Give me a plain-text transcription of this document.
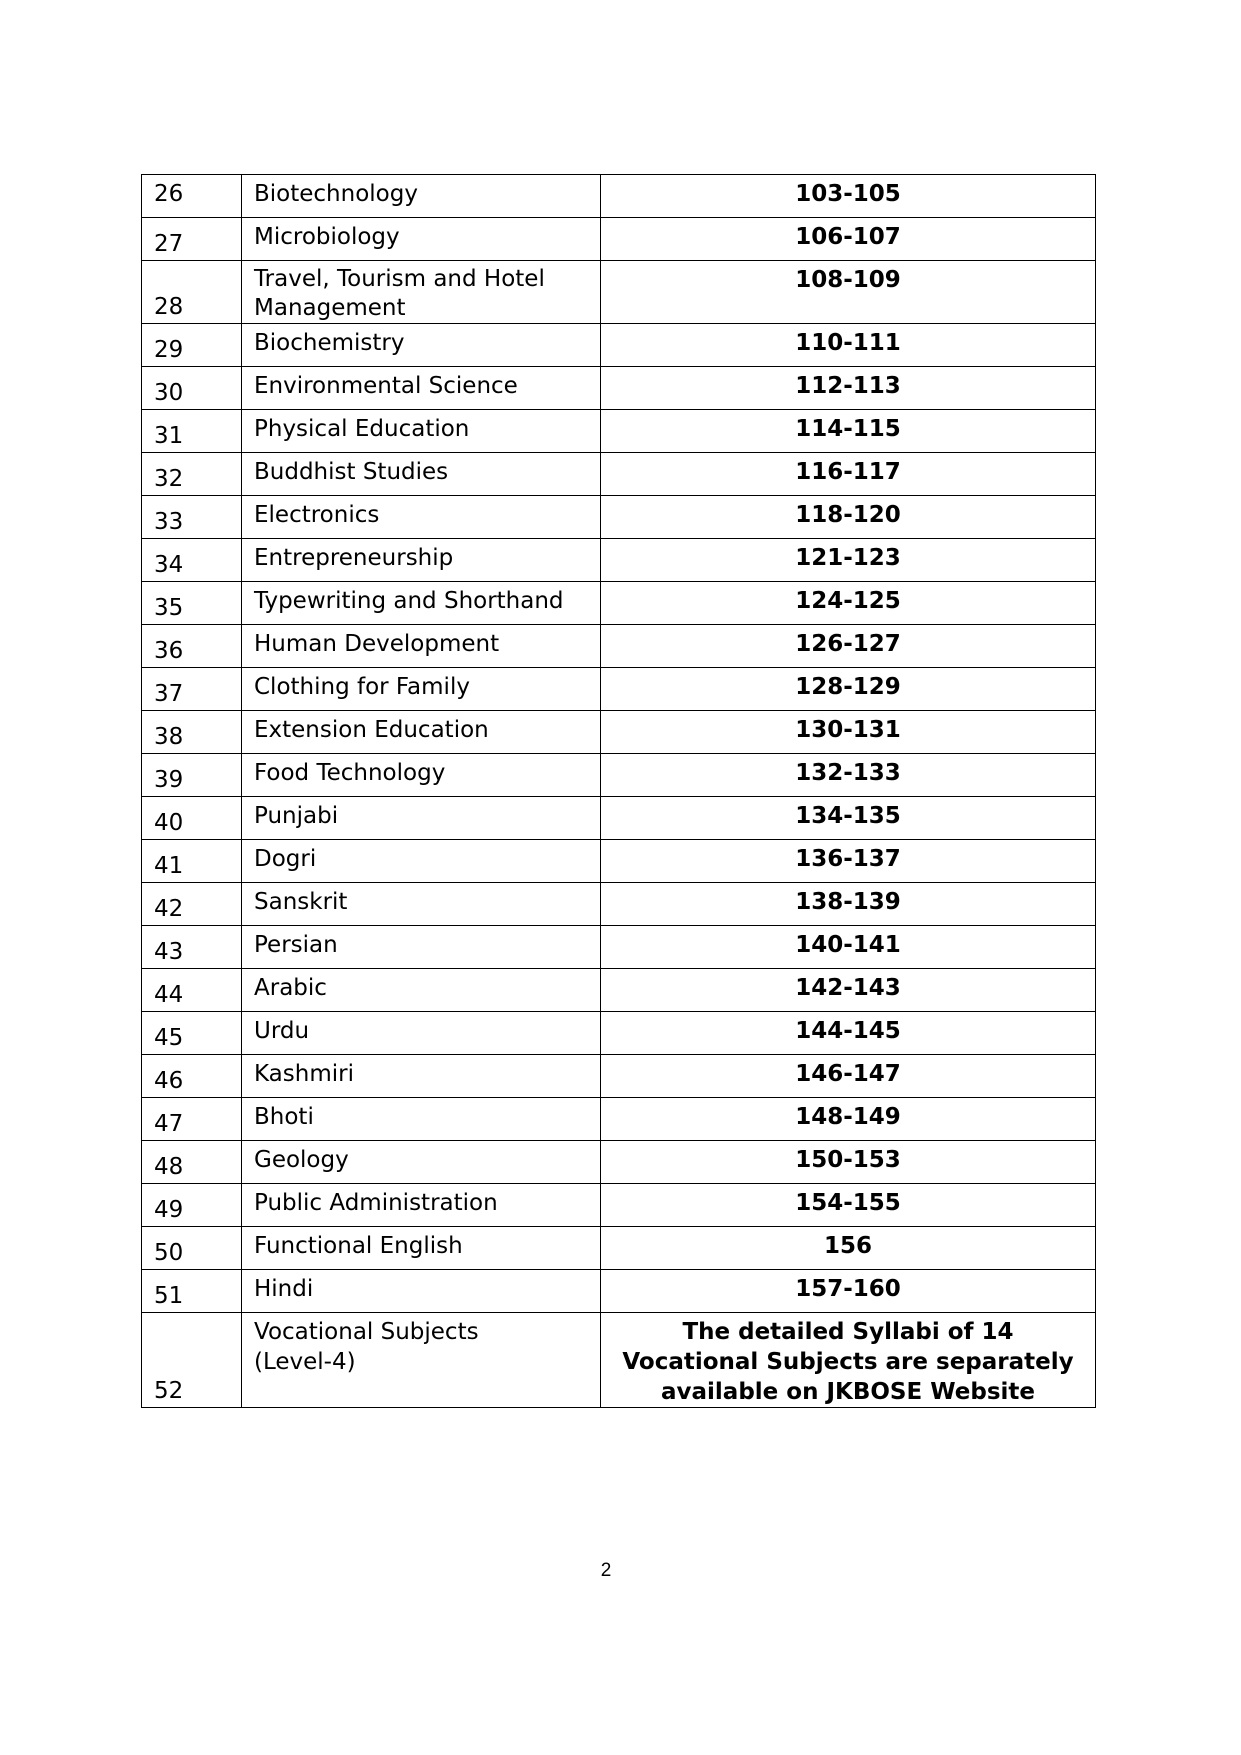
26	Biotechnology	103-105
27	Microbiology	106-107
28	Travel, Tourism and Hotel Management	108-109
29	Biochemistry	110-111
30	Environmental Science	112-113
31	Physical Education	114-115
32	Buddhist Studies	116-117
33	Electronics	118-120
34	Entrepreneurship	121-123
35	Typewriting and Shorthand	124-125
36	Human Development	126-127
37	Clothing for Family	128-129
38	Extension Education	130-131
39	Food Technology	132-133
40	Punjabi	134-135
41	Dogri	136-137
42	Sanskrit	138-139
43	Persian	140-141
44	Arabic	142-143
45	Urdu	144-145
46	Kashmiri	146-147
47	Bhoti	148-149
48	Geology	150-153
49	Public Administration	154-155
50	Functional English	156
51	Hindi	157-160
52	Vocational Subjects (Level-4)	The detailed Syllabi of 14 Vocational Subjects are separately available on JKBOSE Website
2
